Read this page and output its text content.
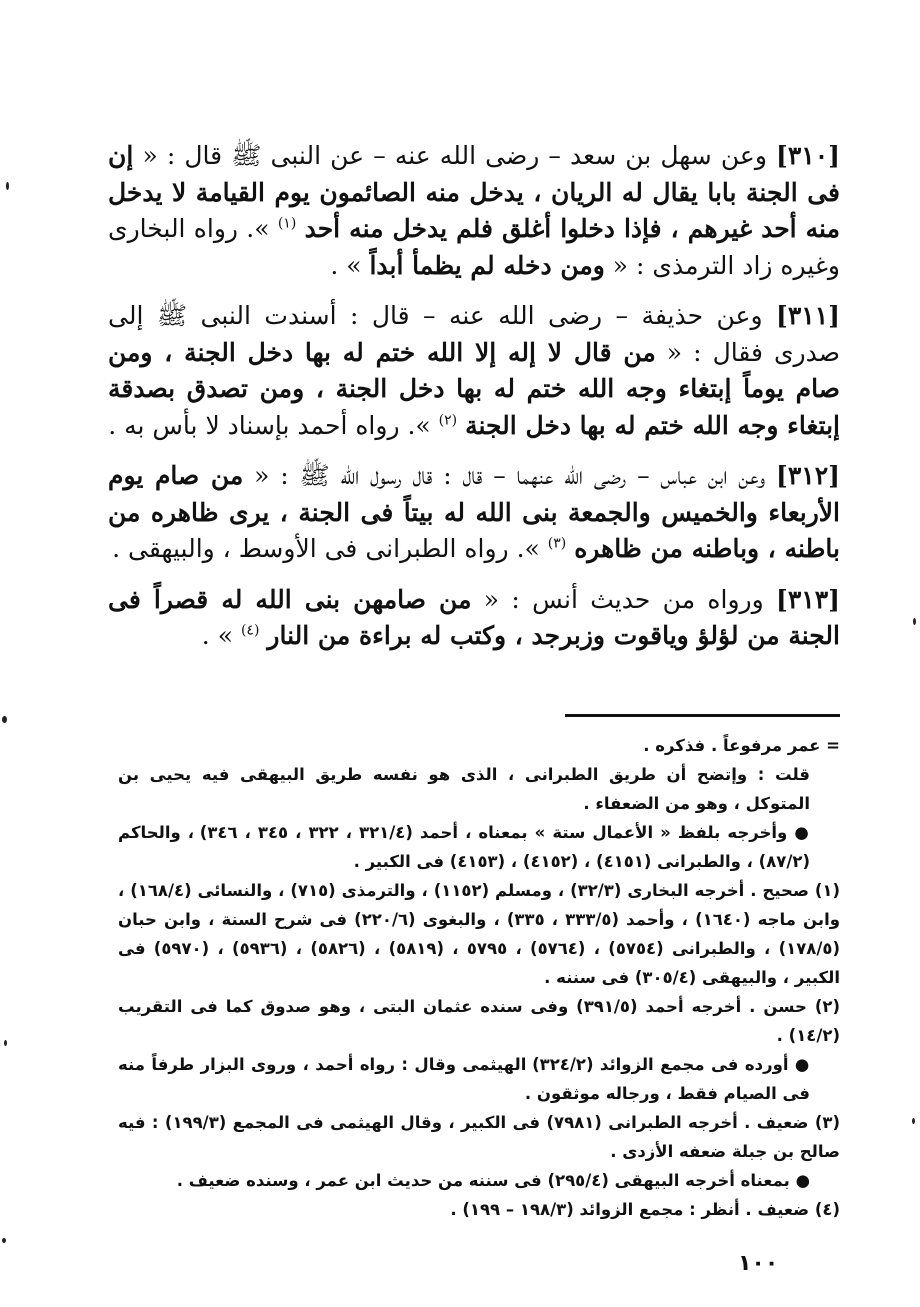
[٣١٠] وعن سهل بن سعد – رضى الله عنه – عن النبى ﷺ قال : « إن فى الجنة بابا يقال له الريان ، يدخل منه الصائمون يوم القيامة لا يدخل منه أحد غيرهم ، فإذا دخلوا أغلق فلم يدخل منه أحد $^{(١)}$ ». رواه البخارى وغيره زاد الترمذى : « ومن دخله لم يظمأ أبداً » .

[٣١١] وعن حذيفة – رضى الله عنه – قال : أسندت النبى ﷺ إلى صدرى فقال : « من قال لا إله إلا الله ختم له بها دخل الجنة ، ومن صام يوماً إبتغاء وجه الله ختم له بها دخل الجنة ، ومن تصدق بصدقة إبتغاء وجه الله ختم له بها دخل الجنة $^{(٢)}$ ». رواه أحمد بإسناد لا بأس به .

[٣١٢] وعن ابن عباس – رضى الله عنهما – قال : قال رسول الله ﷺ : « من صام يوم الأربعاء والخميس والجمعة بنى الله له بيتاً فى الجنة ، يرى ظاهره من باطنه ، وباطنه من ظاهره $^{(٣)}$ ». رواه الطبرانى فى الأوسط ، والبيهقى .

[٣١٣] ورواه من حديث أنس : « من صامهن بنى الله له قصراً فى الجنة من لؤلؤ وياقوت وزبرجد ، وكتب له براءة من النار $^{(٤)}$ » .

= عمر مرفوعاً . فذكره .

قلت : وإتضح أن طريق الطبرانى ، الذى هو نفسه طريق البيهقى فيه يحيى بن المتوكل ، وهو من الضعفاء .

● وأخرجه بلفظ « الأعمال ستة » بمعناه ، أحمد (٣٢١/٤ ، ٣٢٢ ، ٣٤٥ ، ٣٤٦) ، والحاكم (٨٧/٢) ، والطبرانى (٤١٥١) ، (٤١٥٢) ، (٤١٥٣) فى الكبير .

(١) صحيح . أخرجه البخارى (٣٢/٣) ، ومسلم (١١٥٢) ، والترمذى (٧١٥) ، والنسائى (١٦٨/٤) ، وابن ماجه (١٦٤٠) ، وأحمد (٣٣٣/٥ ، ٣٣٥) ، والبغوى (٢٢٠/٦) فى شرح السنة ، وابن حبان (١٧٨/٥) ، والطبرانى (٥٧٥٤) ، (٥٧٦٤) ، ٥٧٩٥ ، (٥٨١٩) ، (٥٨٢٦) ، (٥٩٣٦) ، (٥٩٧٠) فى الكبير ، والبيهقى (٣٠٥/٤) فى سننه .

(٢) حسن . أخرجه أحمد (٣٩١/٥) وفى سنده عثمان البتى ، وهو صدوق كما فى التقريب (١٤/٢) .

● أورده فى مجمع الزوائد (٣٢٤/٢) الهيثمى وقال : رواه أحمد ، وروى البزار طرفاً منه فى الصيام فقط ، ورجاله موثقون .

(٣) ضعيف . أخرجه الطبرانى (٧٩٨١) فى الكبير ، وقال الهيثمى فى المجمع (١٩٩/٣) : فيه صالح بن جبلة ضعفه الأزدى .

● بمعناه أخرجه البيهقى (٢٩٥/٤) فى سننه من حديث ابن عمر ، وسنده ضعيف .

(٤) ضعيف . أنظر : مجمع الزوائد (١٩٨/٣ – ١٩٩) .

١٠٠
